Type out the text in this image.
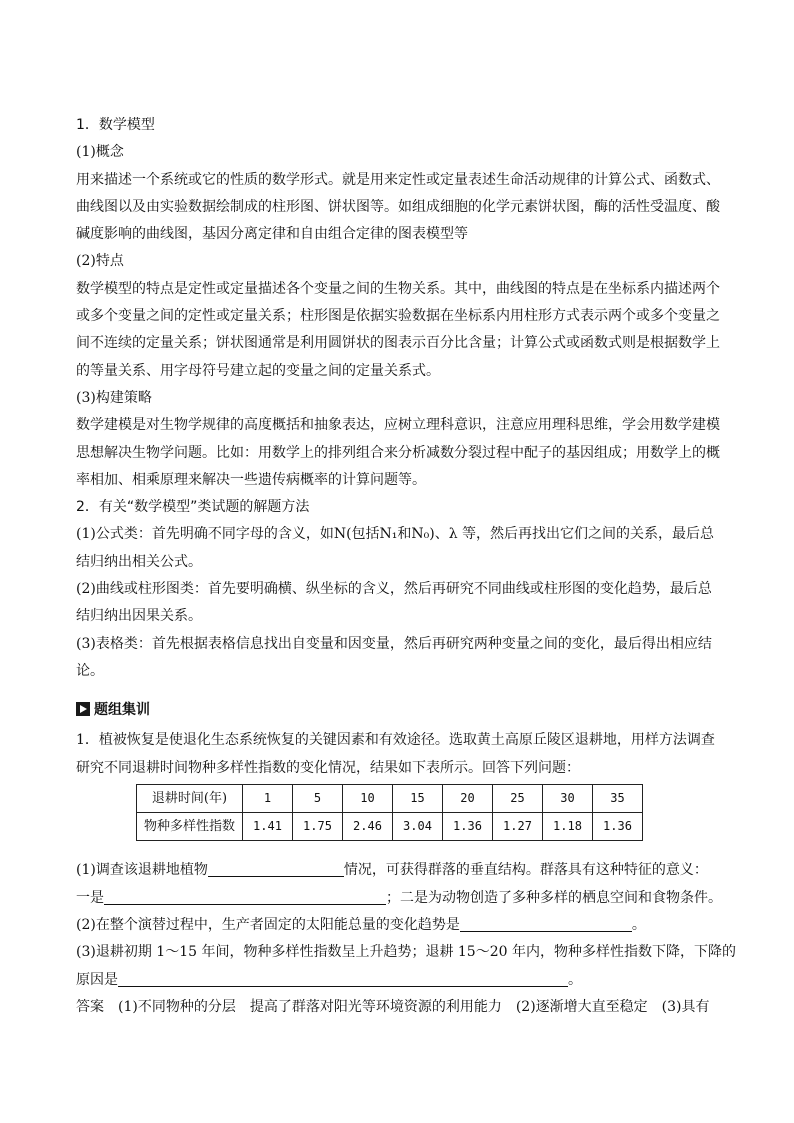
1．数学模型
(1)概念
用来描述一个系统或它的性质的数学形式。就是用来定性或定量表述生命活动规律的计算公式、函数式、
曲线图以及由实验数据绘制成的柱形图、饼状图等。如组成细胞的化学元素饼状图，酶的活性受温度、酸
碱度影响的曲线图，基因分离定律和自由组合定律的图表模型等
(2)特点
数学模型的特点是定性或定量描述各个变量之间的生物关系。其中，曲线图的特点是在坐标系内描述两个
或多个变量之间的定性或定量关系；柱形图是依据实验数据在坐标系内用柱形方式表示两个或多个变量之
间不连续的定量关系；饼状图通常是利用圆饼状的图表示百分比含量；计算公式或函数式则是根据数学上
的等量关系、用字母符号建立起的变量之间的定量关系式。
(3)构建策略
数学建模是对生物学规律的高度概括和抽象表达，应树立理科意识，注意应用理科思维，学会用数学建模
思想解决生物学问题。比如：用数学上的排列组合来分析减数分裂过程中配子的基因组成；用数学上的概
率相加、相乘原理来解决一些遗传病概率的计算问题等。
2．有关“数学模型”类试题的解题方法
(1)公式类：首先明确不同字母的含义，如N(包括N₁和N₀)、λ 等，然后再找出它们之间的关系，最后总
结归纳出相关公式。
(2)曲线或柱形图类：首先要明确横、纵坐标的含义，然后再研究不同曲线或柱形图的变化趋势，最后总
结归纳出因果关系。
(3)表格类：首先根据表格信息找出自变量和因变量，然后再研究两种变量之间的变化，最后得出相应结
论。
题组集训
1．植被恢复是使退化生态系统恢复的关键因素和有效途径。选取黄土高原丘陵区退耕地，用样方法调查
研究不同退耕时间物种多样性指数的变化情况，结果如下表所示。回答下列问题：
退耕时间(年)	1	5	10	15	20	25	30	35
物种多样性指数	1.41	1.75	2.46	3.04	1.36	1.27	1.18	1.36
(1)调查该退耕地植物	情况，可获得群落的垂直结构。群落具有这种特征的意义：
一是	；二是为动物创造了多种多样的栖息空间和食物条件。
(2)在整个演替过程中，生产者固定的太阳能总量的变化趋势是	。
(3)退耕初期 1～15 年间，物种多样性指数呈上升趋势；退耕 15～20 年内，物种多样性指数下降，下降的
原因是	。
答案　(1)不同物种的分层　提高了群落对阳光等环境资源的利用能力　(2)逐渐增大直至稳定　(3)具有
